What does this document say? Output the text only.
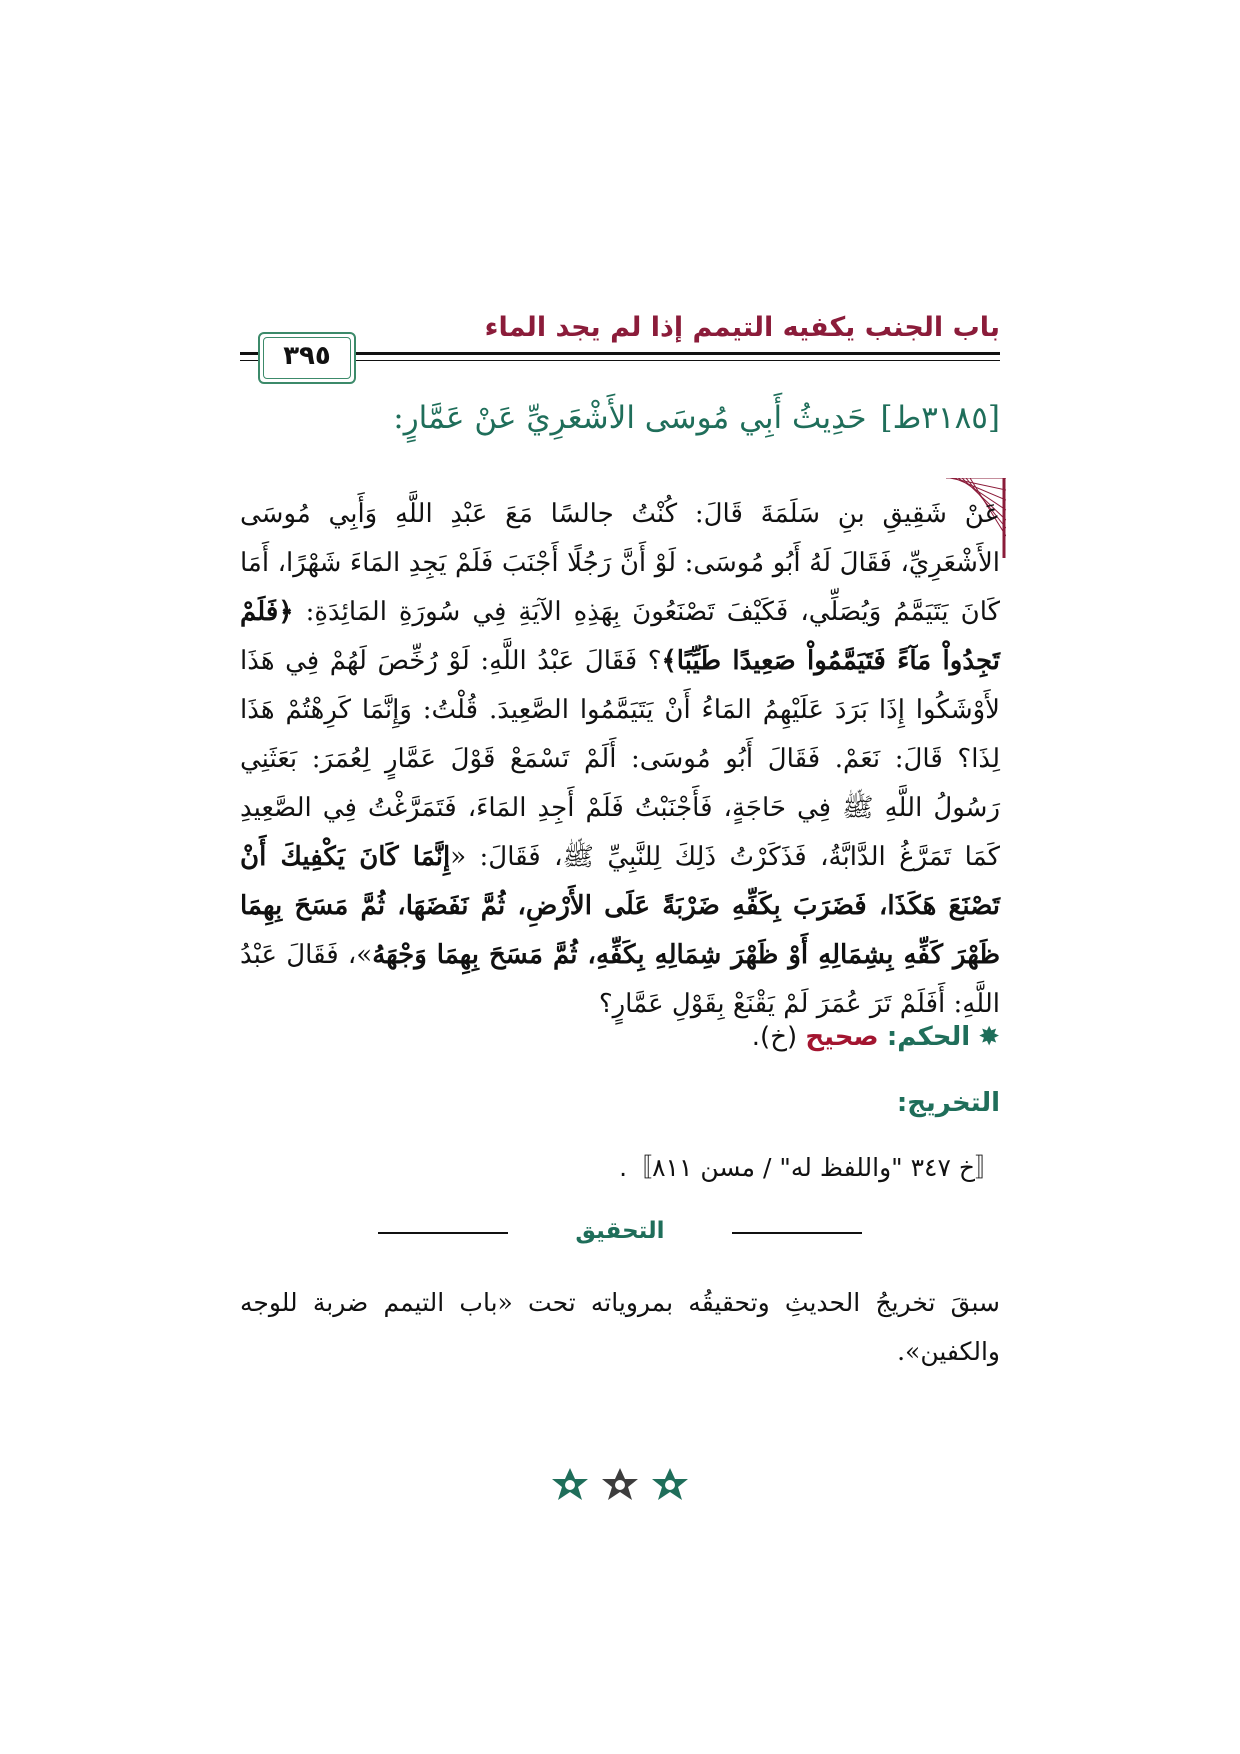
باب الجنب يكفيه التيمم إذا لم يجد الماء
٣٩٥
[٣١٨٥ط]حَدِيثُ أَبِي مُوسَى الأَشْعَرِيِّ عَنْ عَمَّارٍ:
عَنْ شَقِيقِ بنِ سَلَمَةَ قَالَ: كُنْتُ جالسًا مَعَ عَبْدِ اللَّهِ وَأَبِي مُوسَى الأَشْعَرِيِّ، فَقَالَ لَهُ أَبُو مُوسَى: لَوْ أَنَّ رَجُلًا أَجْنَبَ فَلَمْ يَجِدِ المَاءَ شَهْرًا، أَمَا كَانَ يَتَيَمَّمُ وَيُصَلِّي، فَكَيْفَ تَصْنَعُونَ بِهَذِهِ الآيَةِ فِي سُورَةِ المَائِدَةِ: ﴿فَلَمْ تَجِدُواْ مَآءً فَتَيَمَّمُواْ صَعِيدًا طَيِّبًا﴾؟ فَقَالَ عَبْدُ اللَّهِ: لَوْ رُخِّصَ لَهُمْ فِي هَذَا لأَوْشَكُوا إِذَا بَرَدَ عَلَيْهِمُ المَاءُ أَنْ يَتَيَمَّمُوا الصَّعِيدَ. قُلْتُ: وَإِنَّمَا كَرِهْتُمْ هَذَا لِذَا؟ قَالَ: نَعَمْ. فَقَالَ أَبُو مُوسَى: أَلَمْ تَسْمَعْ قَوْلَ عَمَّارٍ لِعُمَرَ: بَعَثَنِي رَسُولُ اللَّهِ ﷺ فِي حَاجَةٍ، فَأَجْنَبْتُ فَلَمْ أَجِدِ المَاءَ، فَتَمَرَّغْتُ فِي الصَّعِيدِ كَمَا تَمَرَّغُ الدَّابَّةُ، فَذَكَرْتُ ذَلِكَ لِلنَّبِيِّ ﷺ، فَقَالَ: «إِنَّمَا كَانَ يَكْفِيكَ أَنْ تَصْنَعَ هَكَذَا، فَضَرَبَ بِكَفِّهِ ضَرْبَةً عَلَى الأَرْضِ، ثُمَّ نَفَضَهَا، ثُمَّ مَسَحَ بِهِمَا ظَهْرَ كَفِّهِ بِشِمَالِهِ أَوْ ظَهْرَ شِمَالِهِ بِكَفِّهِ، ثُمَّ مَسَحَ بِهِمَا وَجْهَهُ»، فَقَالَ عَبْدُ اللَّهِ: أَفَلَمْ تَرَ عُمَرَ لَمْ يَقْنَعْ بِقَوْلِ عَمَّارٍ؟
✸الحكم: صحيح (خ).
التخريج:
〚خ ٣٤٧ "واللفظ له" / مسن ٨١١〛.
التحقيق
سبقَ تخريجُ الحديثِ وتحقيقُه بمروياته تحت «باب التيمم ضربة للوجه والكفين».
